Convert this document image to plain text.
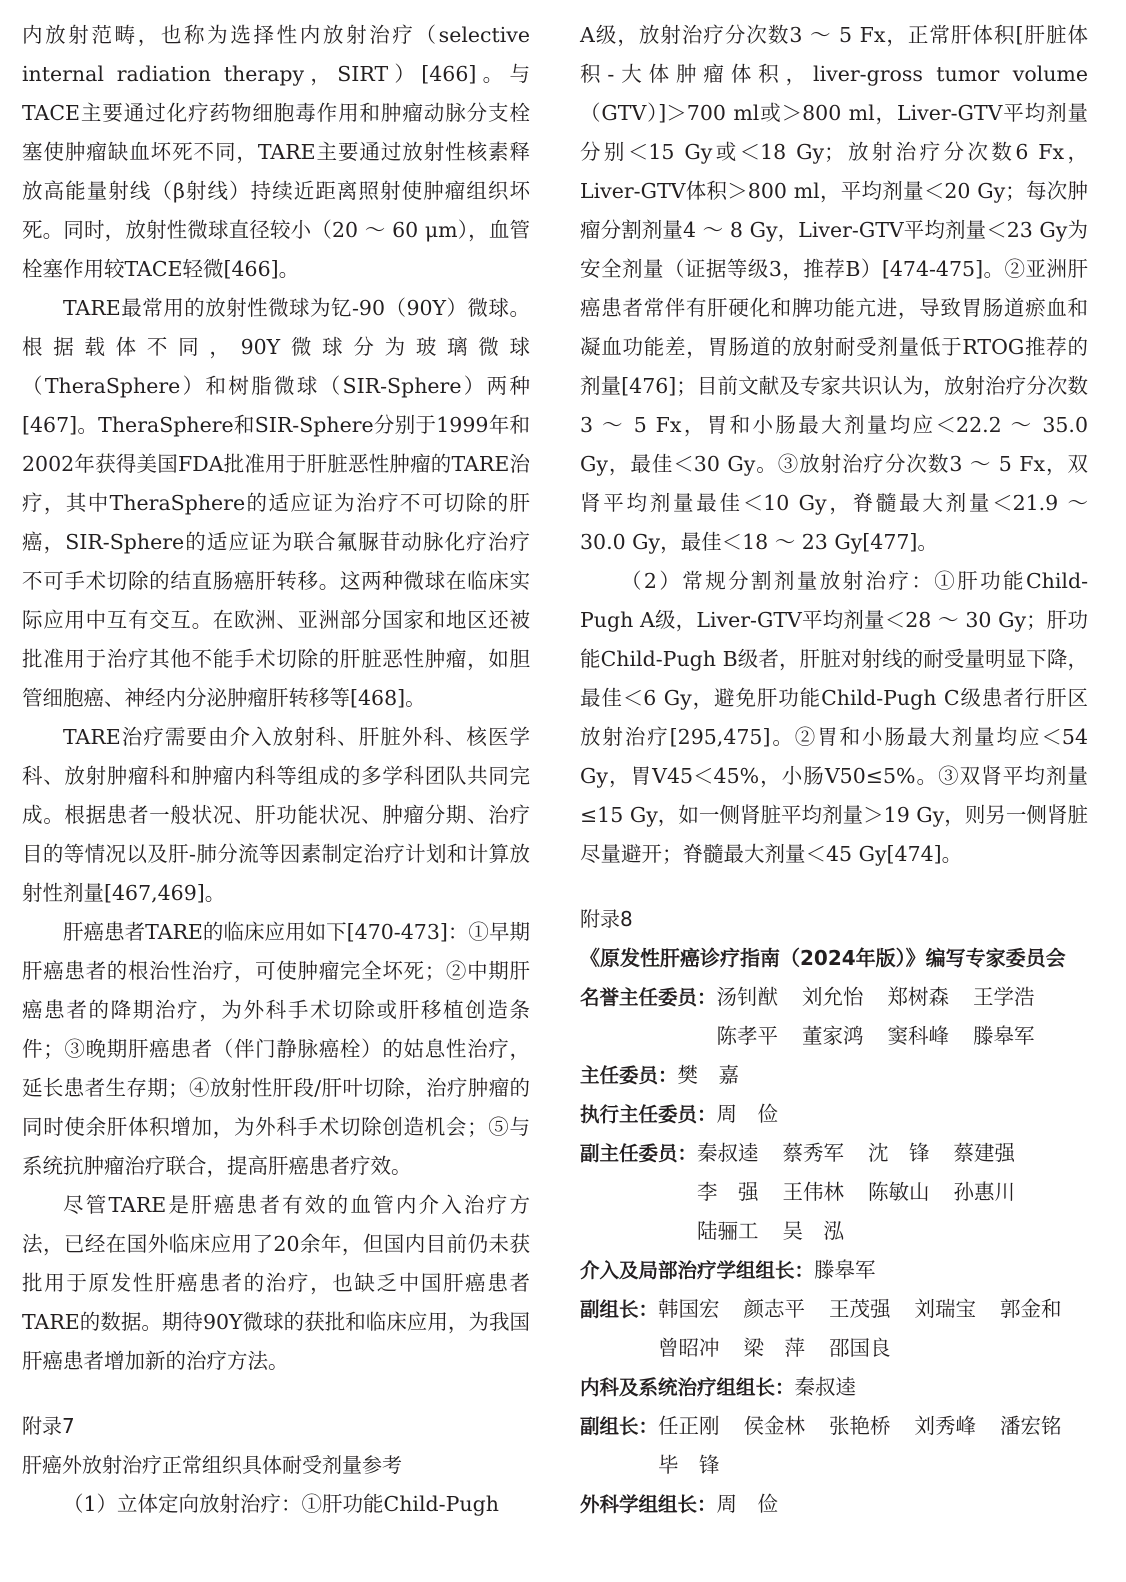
内放射范畴，也称为选择性内放射治疗（selective internal radiation therapy，SIRT）[466]。与TACE主要通过化疗药物细胞毒作用和肿瘤动脉分支栓塞使肿瘤缺血坏死不同，TARE主要通过放射性核素释放高能量射线（β射线）持续近距离照射使肿瘤组织坏死。同时，放射性微球直径较小（20 ～ 60 μm），血管栓塞作用较TACE轻微[466]。

TARE最常用的放射性微球为钇-90（90Y）微球。根据载体不同，90Y微球分为玻璃微球（TheraSphere）和树脂微球（SIR-Sphere）两种[467]。TheraSphere和SIR-Sphere分别于1999年和2002年获得美国FDA批准用于肝脏恶性肿瘤的TARE治疗，其中TheraSphere的适应证为治疗不可切除的肝癌，SIR-Sphere的适应证为联合氟脲苷动脉化疗治疗不可手术切除的结直肠癌肝转移。这两种微球在临床实际应用中互有交互。在欧洲、亚洲部分国家和地区还被批准用于治疗其他不能手术切除的肝脏恶性肿瘤，如胆管细胞癌、神经内分泌肿瘤肝转移等[468]。

TARE治疗需要由介入放射科、肝脏外科、核医学科、放射肿瘤科和肿瘤内科等组成的多学科团队共同完成。根据患者一般状况、肝功能状况、肿瘤分期、治疗目的等情况以及肝-肺分流等因素制定治疗计划和计算放射性剂量[467,469]。

肝癌患者TARE的临床应用如下[470-473]：①早期肝癌患者的根治性治疗，可使肿瘤完全坏死；②中期肝癌患者的降期治疗，为外科手术切除或肝移植创造条件；③晚期肝癌患者（伴门静脉癌栓）的姑息性治疗，延长患者生存期；④放射性肝段/肝叶切除，治疗肿瘤的同时使余肝体积增加，为外科手术切除创造机会；⑤与系统抗肿瘤治疗联合，提高肝癌患者疗效。

尽管TARE是肝癌患者有效的血管内介入治疗方法，已经在国外临床应用了20余年，但国内目前仍未获批用于原发性肝癌患者的治疗，也缺乏中国肝癌患者TARE的数据。期待90Y微球的获批和临床应用，为我国肝癌患者增加新的治疗方法。

附录7

肝癌外放射治疗正常组织具体耐受剂量参考

（1）立体定向放射治疗：①肝功能Child-Pugh

A级，放射治疗分次数3 ～ 5 Fx，正常肝体积[肝脏体积-大体肿瘤体积，liver-gross tumor volume（GTV）]＞700 ml或＞800 ml，Liver-GTV平均剂量分别＜15 Gy或＜18 Gy；放射治疗分次数6 Fx，Liver-GTV体积＞800 ml，平均剂量＜20 Gy；每次肿瘤分割剂量4 ～ 8 Gy，Liver-GTV平均剂量＜23 Gy为安全剂量（证据等级3，推荐B）[474-475]。②亚洲肝癌患者常伴有肝硬化和脾功能亢进，导致胃肠道瘀血和凝血功能差，胃肠道的放射耐受剂量低于RTOG推荐的剂量[476]；目前文献及专家共识认为，放射治疗分次数3 ～ 5 Fx，胃和小肠最大剂量均应＜22.2 ～ 35.0 Gy，最佳＜30 Gy。③放射治疗分次数3 ～ 5 Fx，双肾平均剂量最佳＜10 Gy，脊髓最大剂量＜21.9 ～ 30.0 Gy，最佳＜18 ～ 23 Gy[477]。

（2）常规分割剂量放射治疗：①肝功能Child-Pugh A级，Liver-GTV平均剂量＜28 ～ 30 Gy；肝功能Child-Pugh B级者，肝脏对射线的耐受量明显下降，最佳＜6 Gy，避免肝功能Child-Pugh C级患者行肝区放射治疗[295,475]。②胃和小肠最大剂量均应＜54 Gy，胃V45＜45%，小肠V50≤5%。③双肾平均剂量≤15 Gy，如一侧肾脏平均剂量＞19 Gy，则另一侧肾脏尽量避开；脊髓最大剂量＜45 Gy[474]。

附录8

《原发性肝癌诊疗指南（2024年版）》编写专家委员会

名誉主任委员： 汤钊猷 刘允怡 郑树森 王学浩
陈孝平 董家鸿 窦科峰 滕皋军
主任委员： 樊　嘉
执行主任委员： 周　俭
副主任委员： 秦叔逵 蔡秀军 沈　锋 蔡建强
李　强 王伟林 陈敏山 孙惠川
陆骊工 吴　泓
介入及局部治疗学组组长： 滕皋军
副组长： 韩国宏 颜志平 王茂强 刘瑞宝 郭金和
曾昭冲 梁　萍 邵国良
内科及系统治疗组组长： 秦叔逵
副组长： 任正刚 侯金林 张艳桥 刘秀峰 潘宏铭
毕　锋
外科学组组长： 周　俭
